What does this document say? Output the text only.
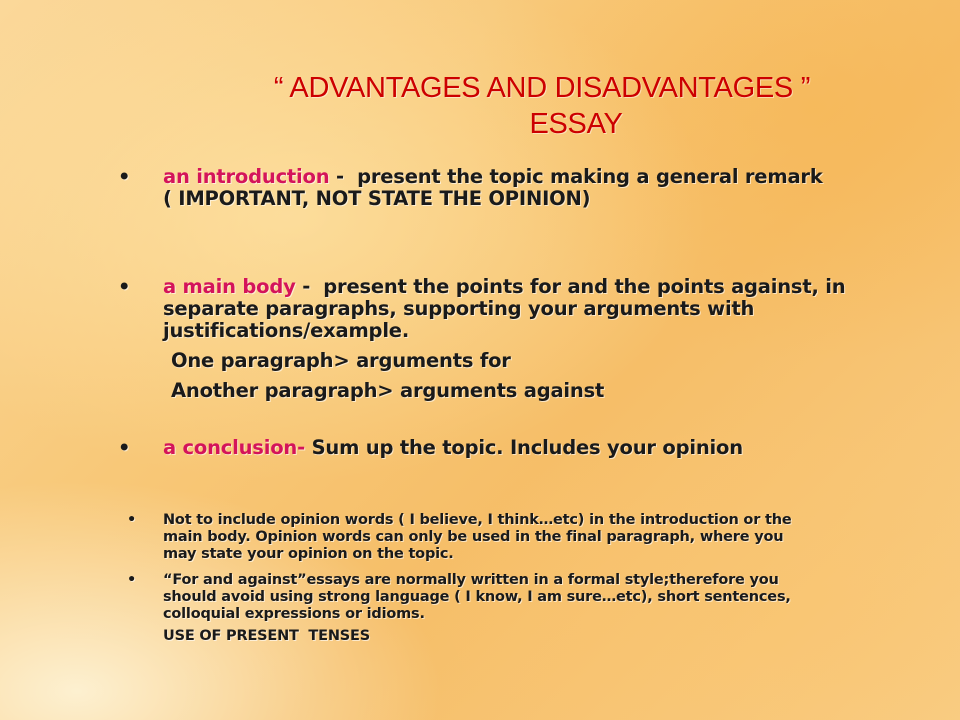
“ ADVANTAGES AND DISADVANTAGES ”
ESSAY
• an introduction -  present the topic making a general remark
( IMPORTANT, NOT STATE THE OPINION)
• a main body -  present the points for and the points against, in
separate paragraphs, supporting your arguments with
justifications/example.
One paragraph> arguments for
Another paragraph> arguments against
• a conclusion- Sum up the topic. Includes your opinion
• Not to include opinion words ( I believe, I think…etc) in the introduction or the
main body. Opinion words can only be used in the final paragraph, where you
may state your opinion on the topic.
• “For and against”essays are normally written in a formal style;therefore you
should avoid using strong language ( I know, I am sure…etc), short sentences,
colloquial expressions or idioms.
USE OF PRESENT  TENSES
